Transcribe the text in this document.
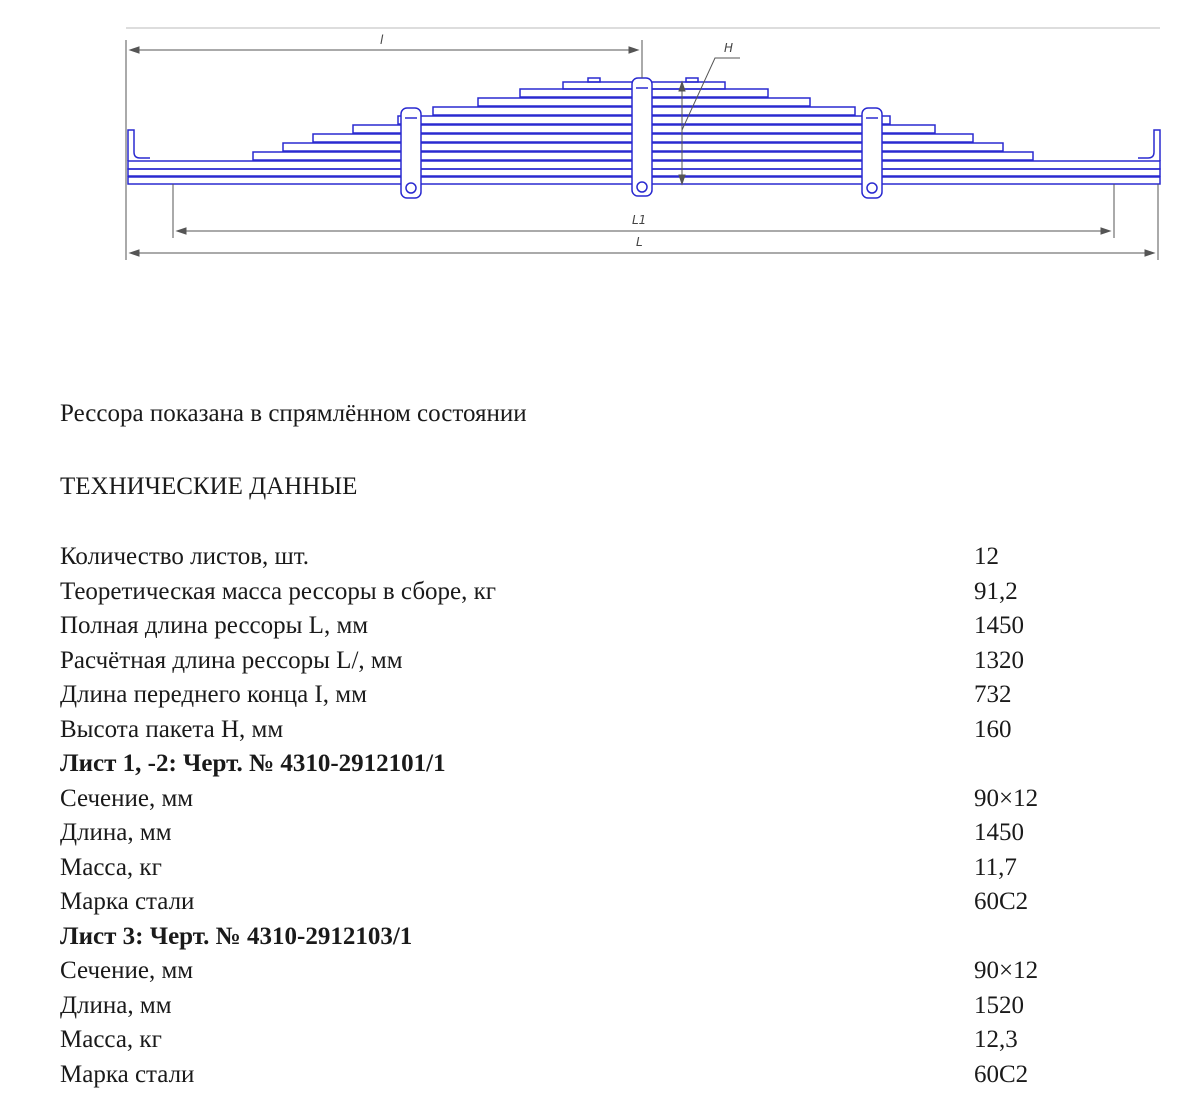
l
H
L1
L
Рессора показана в спрямлённом состоянии
ТЕХНИЧЕСКИЕ ДАННЫЕ
Количество листов, шт.	12
Теоретическая масса рессоры в сборе, кг	91,2
Полная длина рессоры L, мм	1450
Расчётная длина рессоры L/, мм	1320
Длина переднего конца I, мм	732
Высота пакета H, мм	160
Лист 1, -2: Черт. № 4310-2912101/1
Сечение, мм	90×12
Длина, мм	1450
Масса, кг	11,7
Марка стали	60С2
Лист 3: Черт. № 4310-2912103/1
Сечение, мм	90×12
Длина, мм	1520
Масса, кг	12,3
Марка стали	60С2
